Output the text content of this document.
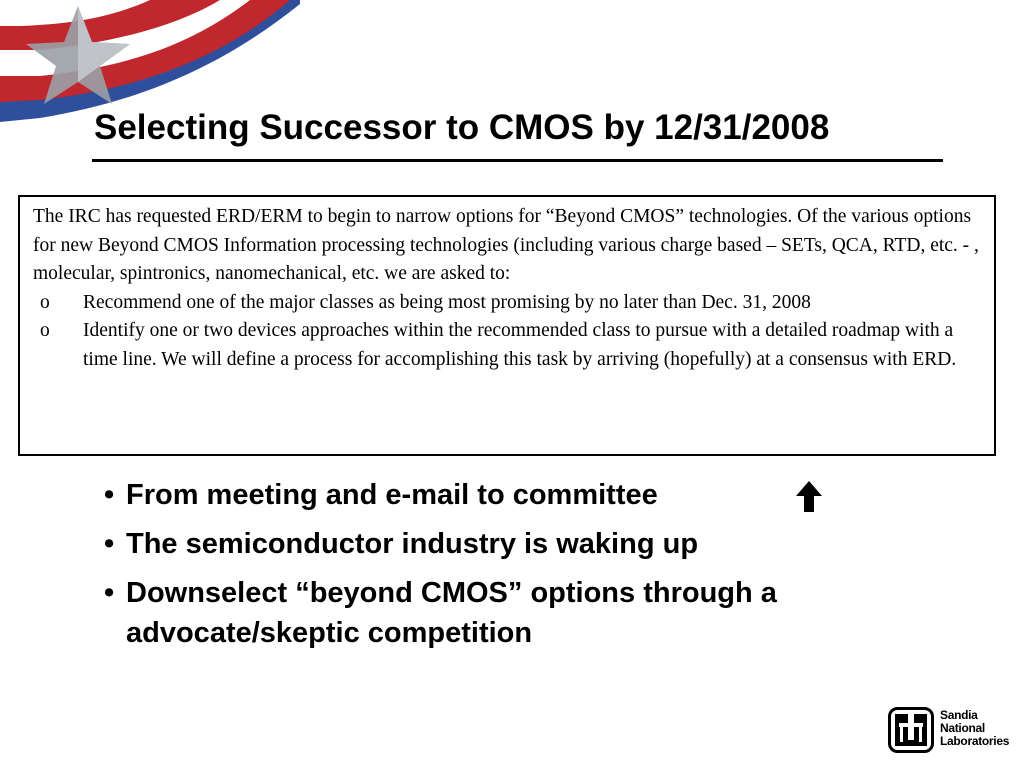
Selecting Successor to CMOS by 12/31/2008

The IRC has requested ERD/ERM to begin to narrow options for “Beyond CMOS” technologies. Of the various options for new Beyond CMOS Information processing technologies (including various charge based – SETs, QCA, RTD, etc. - , molecular, spintronics, nanomechanical, etc. we are asked to:

o Recommend one of the major classes as being most promising by no later than Dec. 31, 2008
o Identify one or two devices approaches within the recommended class to pursue with a detailed roadmap with a time line. We will define a process for accomplishing this task by arriving (hopefully) at a consensus with ERD.
• From meeting and e-mail to committee
• The semiconductor industry is waking up
• Downselect “beyond CMOS” options through a advocate/skeptic competition
Sandia
National
Laboratories
